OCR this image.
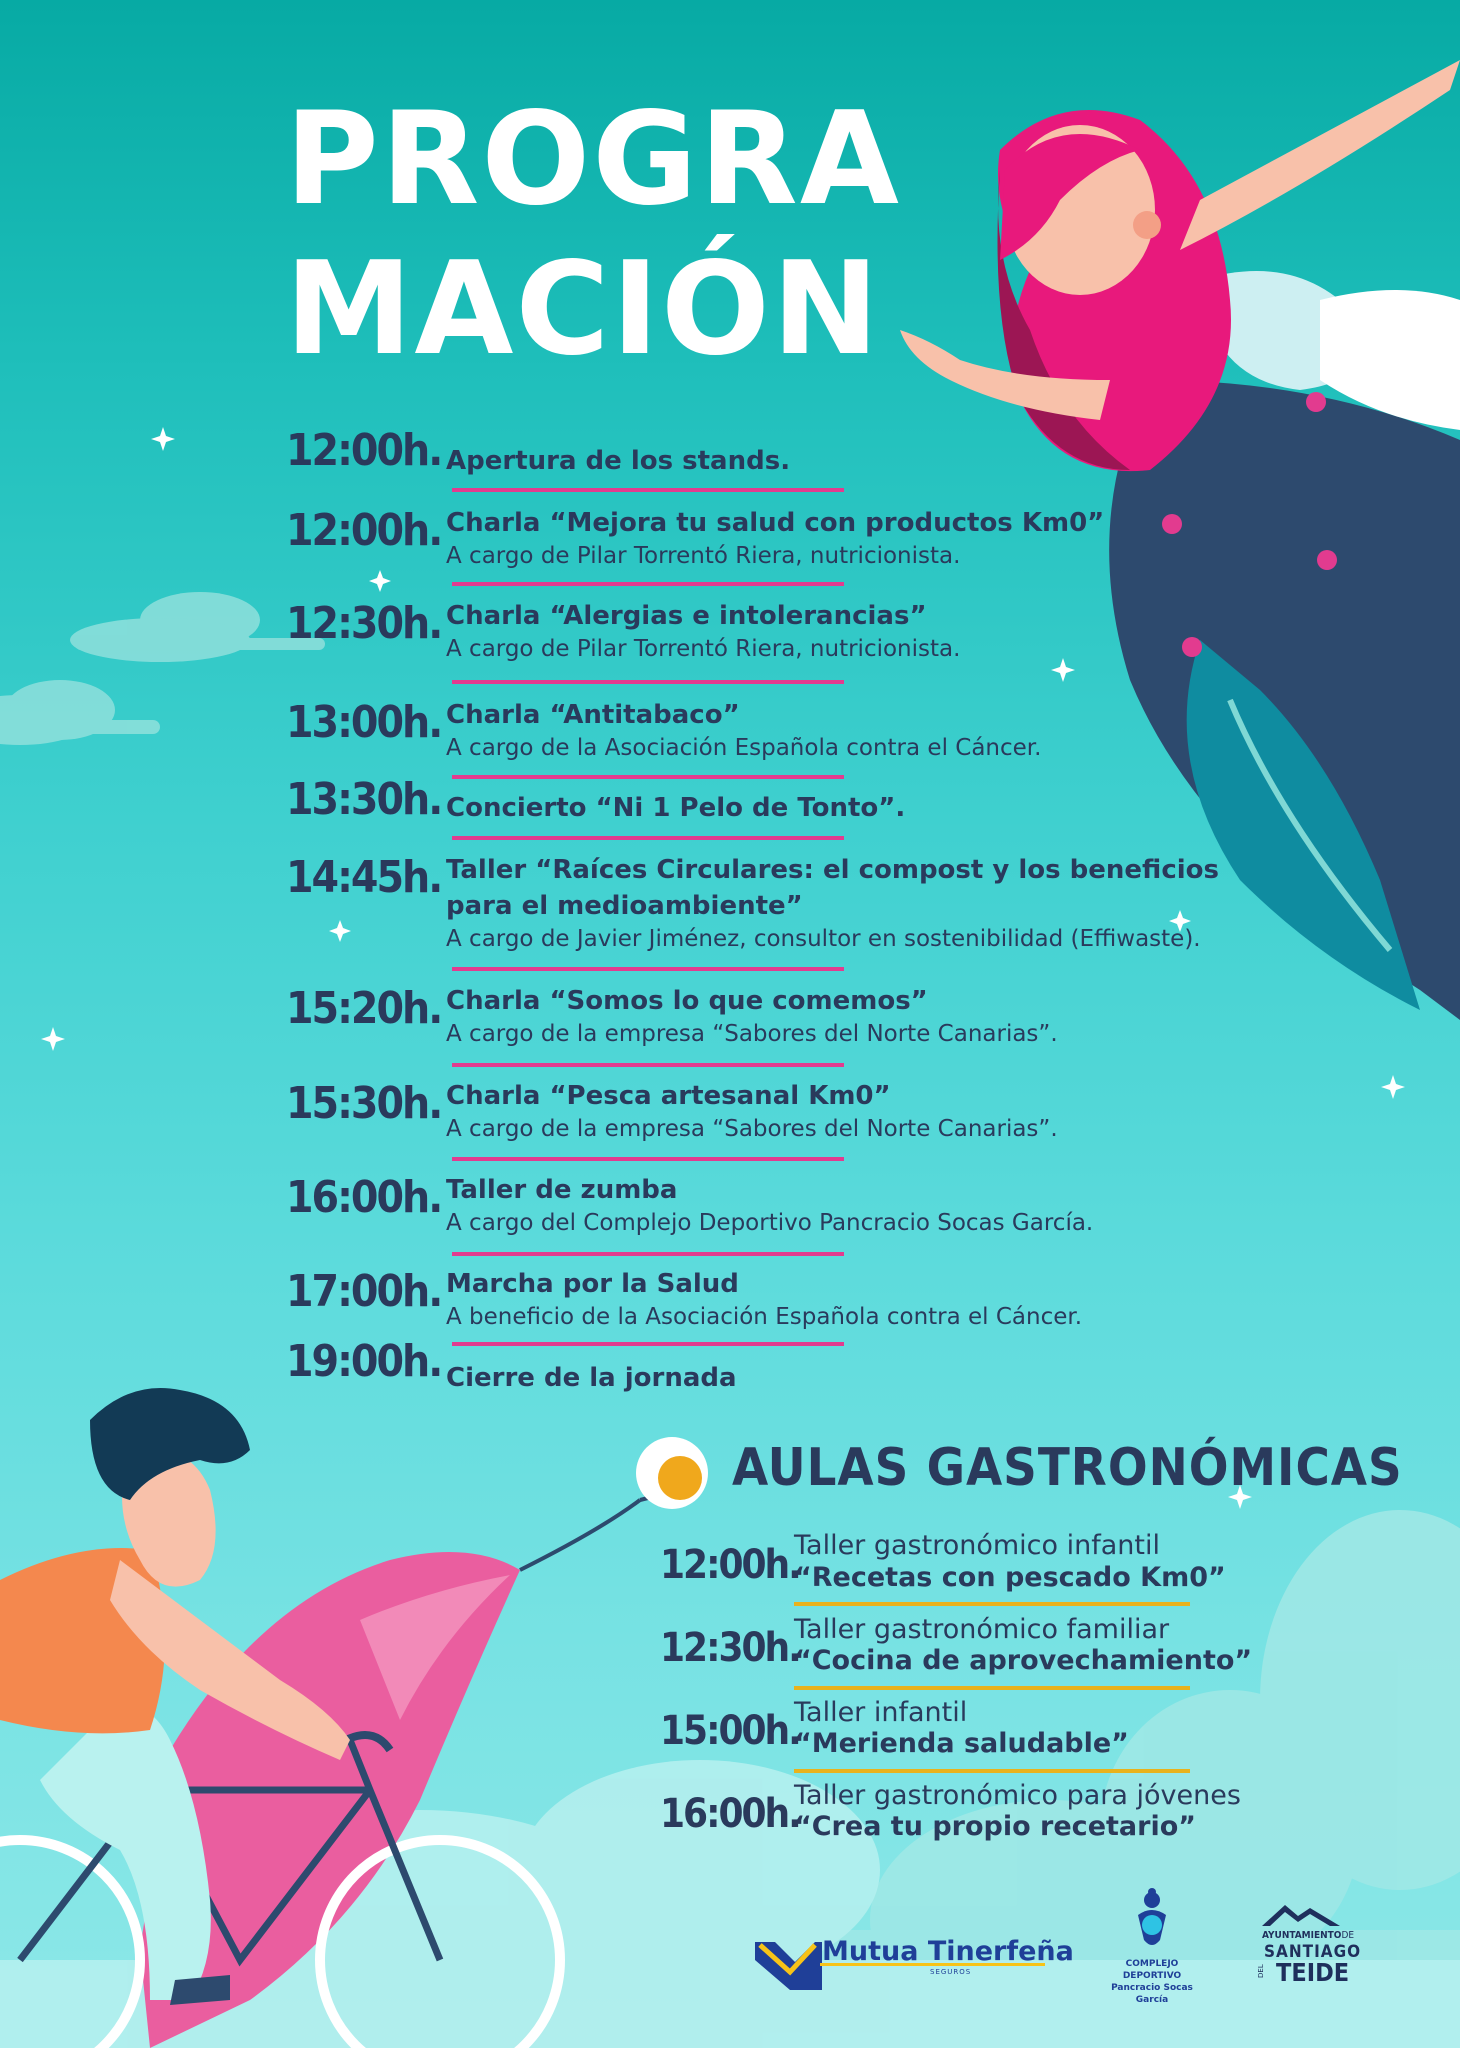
PROGRA
MACIÓN
12:00h. Apertura de los stands.
12:00h. Charla “Mejora tu salud con productos Km0”
A cargo de Pilar Torrentó Riera, nutricionista.
12:30h. Charla “Alergias e intolerancias”
A cargo de Pilar Torrentó Riera, nutricionista.
13:00h. Charla “Antitabaco”
A cargo de la Asociación Española contra el Cáncer.
13:30h. Concierto “Ni 1 Pelo de Tonto”.
14:45h. Taller “Raíces Circulares: el compost y los beneficios
para el medioambiente”
A cargo de Javier Jiménez, consultor en sostenibilidad (Effiwaste).
15:20h. Charla “Somos lo que comemos”
A cargo de la empresa “Sabores del Norte Canarias”.
15:30h. Charla “Pesca artesanal Km0”
A cargo de la empresa “Sabores del Norte Canarias”.
16:00h. Taller de zumba
A cargo del Complejo Deportivo Pancracio Socas García.
17:00h. Marcha por la Salud
A beneficio de la Asociación Española contra el Cáncer.
19:00h. Cierre de la jornada
AULAS GASTRONÓMICAS
12:00h.
Taller gastronómico infantil
“Recetas con pescado Km0”
12:30h.
Taller gastronómico familiar
“Cocina de aprovechamiento”
15:00h.
Taller infantil
“Merienda saludable”
16:00h.
Taller gastronómico para jóvenes
“Crea tu propio recetario”
Mutua Tinerfeña
SEGUROS
COMPLEJO DEPORTIVO
Pancracio Socas García
AYUNTAMIENTODE
SANTIAGO
TEIDE
DEL
